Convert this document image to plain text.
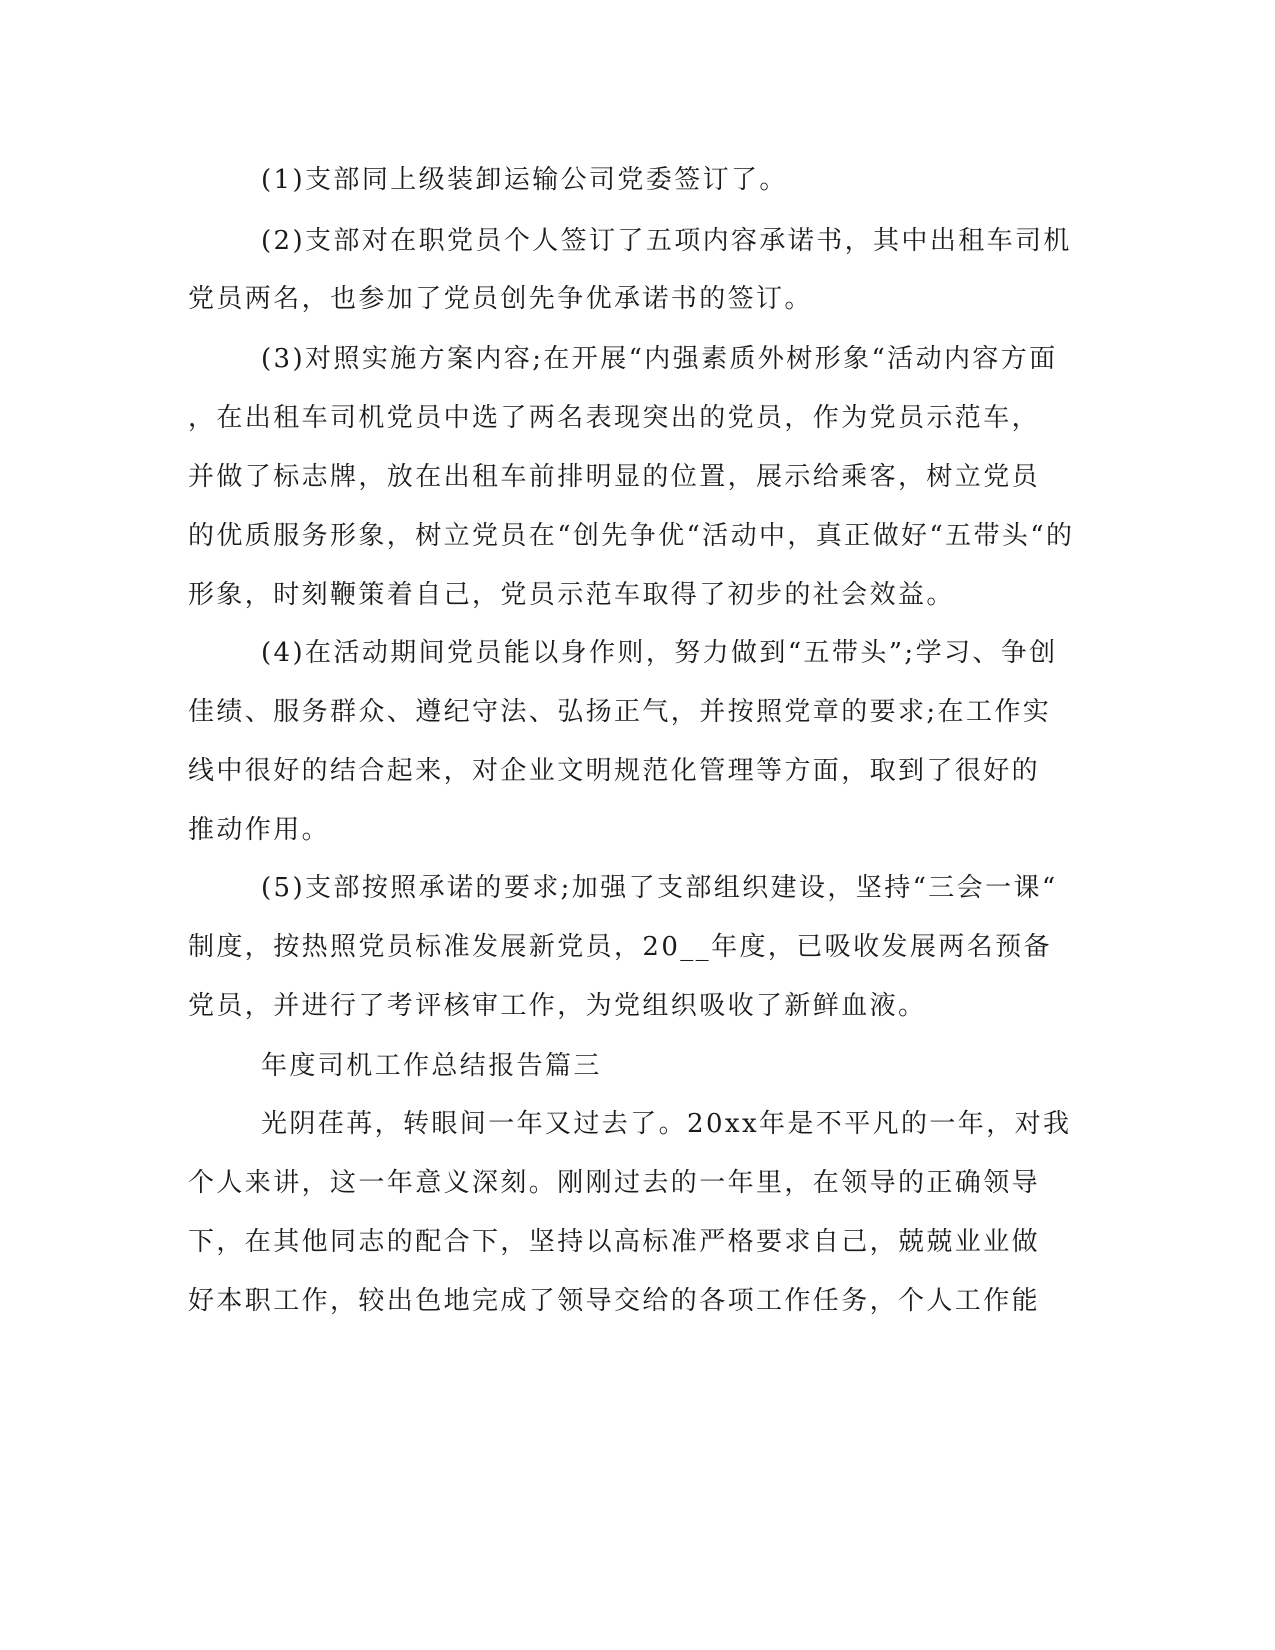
(1)支部同上级装卸运输公司党委签订了。
(2)支部对在职党员个人签订了五项内容承诺书，其中出租车司机
党员两名，也参加了党员创先争优承诺书的签订。
(3)对照实施方案内容;在开展“内强素质外树形象“活动内容方面
，在出租车司机党员中选了两名表现突出的党员，作为党员示范车，
并做了标志牌，放在出租车前排明显的位置，展示给乘客，树立党员
的优质服务形象，树立党员在“创先争优“活动中，真正做好“五带头“的
形象，时刻鞭策着自己，党员示范车取得了初步的社会效益。
(4)在活动期间党员能以身作则，努力做到“五带头”;学习、争创
佳绩、服务群众、遵纪守法、弘扬正气，并按照党章的要求;在工作实
线中很好的结合起来，对企业文明规范化管理等方面，取到了很好的
推动作用。
(5)支部按照承诺的要求;加强了支部组织建设，坚持“三会一课“
制度，按热照党员标准发展新党员，20__年度，已吸收发展两名预备
党员，并进行了考评核审工作，为党组织吸收了新鲜血液。
年度司机工作总结报告篇三
光阴荏苒，转眼间一年又过去了。20xx年是不平凡的一年，对我
个人来讲，这一年意义深刻。刚刚过去的一年里，在领导的正确领导
下，在其他同志的配合下，坚持以高标准严格要求自己，兢兢业业做
好本职工作，较出色地完成了领导交给的各项工作任务，个人工作能
